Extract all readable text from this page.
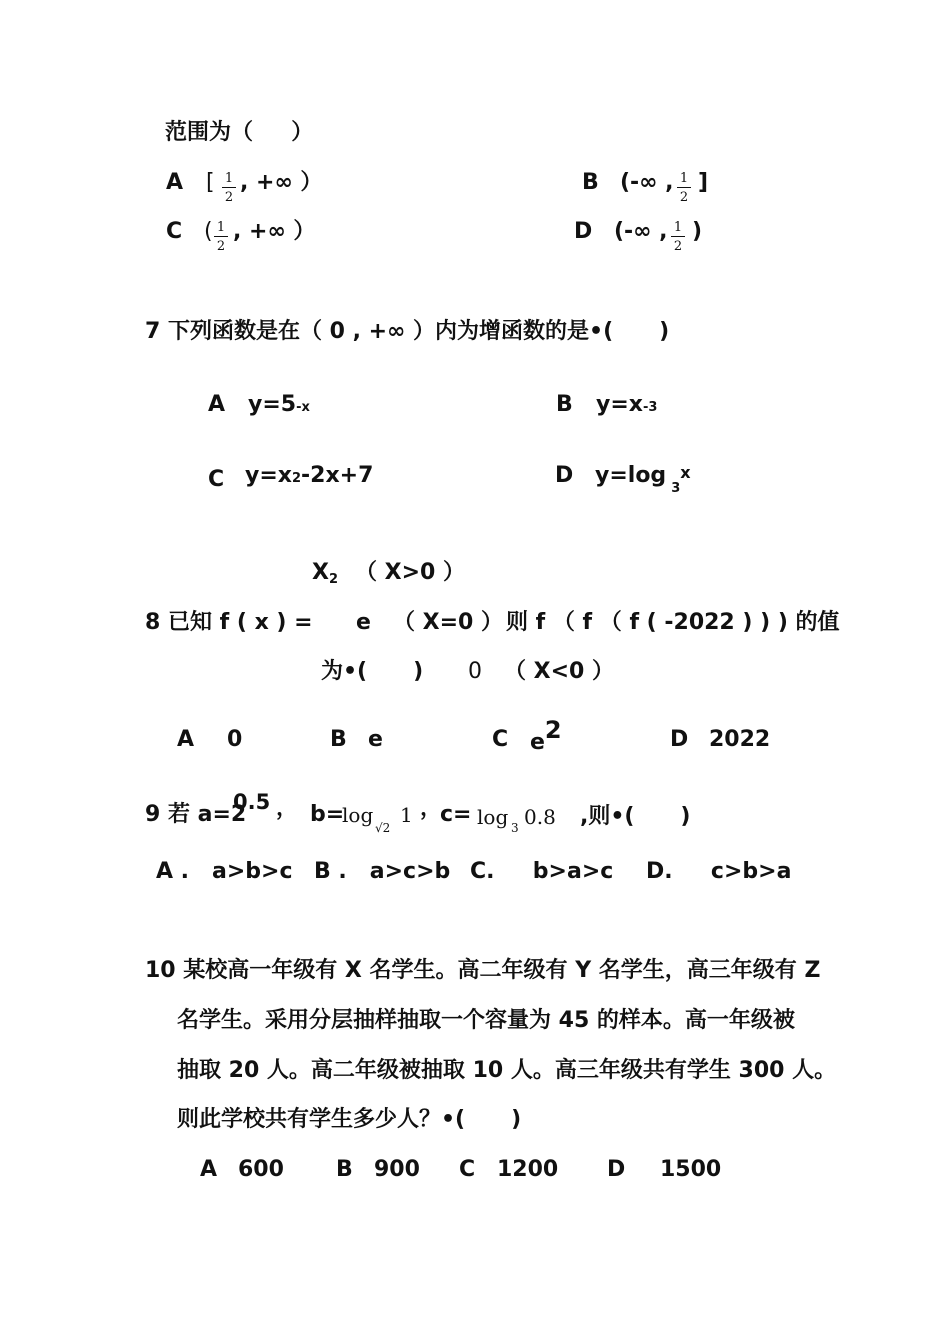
范围为（     ）
A [ $\frac{1}{2}$ , +∞ ）	B (-∞ , $\frac{1}{2}$ ]
C ( $\frac{1}{2}$ , +∞ ）	D (-∞ , $\frac{1}{2}$ )
7 下列函数是在（ 0 , +∞ ）内为增函数的是•(      )
A y=5-x	B y=x-3
C y=x2-2x+7	D $y=\log_3x$
X2 （ X>0 ）
8 已知 f ( x ) = e （ X=0 ） 则 f （ f （ f ( -2022 ) ) ) 的值
为•(      ) 0 （ X<0 ）
A 0	B e	C e2	D 2022
9 若 a=2
0.5 ， b=
log
√2
1 ，
c= log 3 0.8 ,则•(      )
A .   a>b>c B .   a>c>b C.     b>a>c D.     c>b>a
10 某校高一年级有 X 名学生。高二年级有 Y 名学生，高三年级有 Z
名学生。采用分层抽样抽取一个容量为 45 的样本。高一年级被
抽取 20 人。高二年级被抽取 10 人。高三年级共有学生 300 人。
则此学校共有学生多少人？•(      )
A 600 B 900 C 1200 D 1500
